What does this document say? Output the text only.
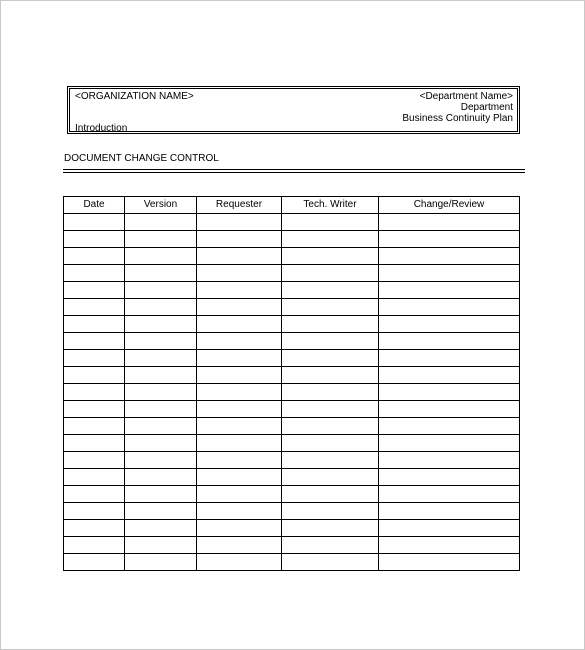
<ORGANIZATION NAME>
Introduction
<Department Name>
Department
Business Continuity Plan
DOCUMENT CHANGE CONTROL
Date	Version	Requester	Tech. Writer	Change/Review
